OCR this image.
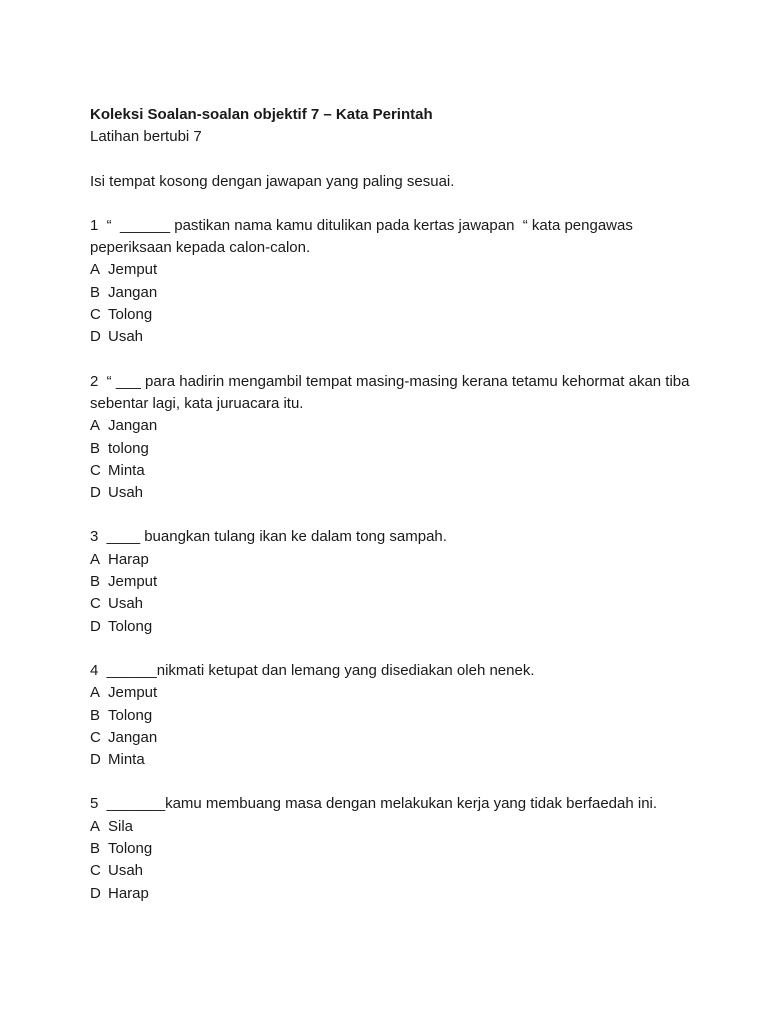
Koleksi Soalan-soalan objektif 7 – Kata Perintah
Latihan bertubi 7
Isi tempat kosong dengan jawapan yang paling sesuai.
1  “  ______ pastikan nama kamu ditulikan pada kertas jawapan  “ kata pengawas peperiksaan kepada calon-calon.
A Jemput
B Jangan
C Tolong
D Usah
2  “ ___ para hadirin mengambil tempat masing-masing kerana tetamu kehormat akan tiba sebentar lagi, kata juruacara itu.
A Jangan
B tolong
C Minta
D Usah
3  ____ buangkan tulang ikan ke dalam tong sampah.
A Harap
B Jemput
C Usah
D Tolong
4  ______nikmati ketupat dan lemang yang disediakan oleh nenek.
A Jemput
B Tolong
C Jangan
D Minta
5  _______kamu membuang masa dengan melakukan kerja yang tidak berfaedah ini.
A Sila
B Tolong
C Usah
D Harap
